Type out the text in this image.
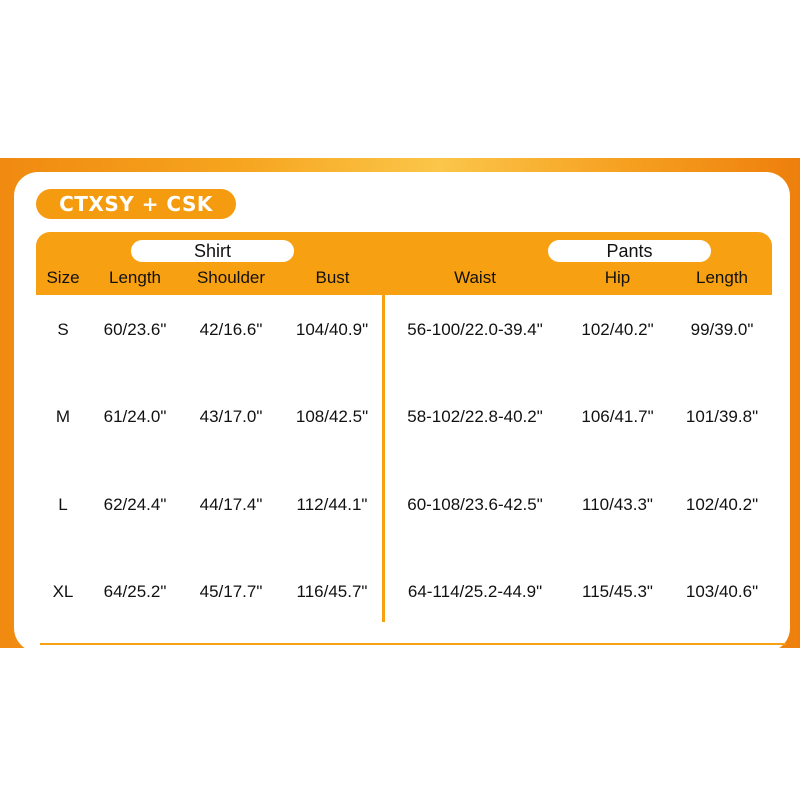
CTXSY + CSK
Shirt	Pants
Size	Length	Shoulder	Bust	Waist	Hip	Length
S	60/23.6"	42/16.6"	104/40.9"	56-100/22.0-39.4"	102/40.2"	99/39.0"
M	61/24.0"	43/17.0"	108/42.5"	58-102/22.8-40.2"	106/41.7"	101/39.8"
L	62/24.4"	44/17.4"	112/44.1"	60-108/23.6-42.5"	110/43.3"	102/40.2"
XL	64/25.2"	45/17.7"	116/45.7"	64-114/25.2-44.9"	115/45.3"	103/40.6"
